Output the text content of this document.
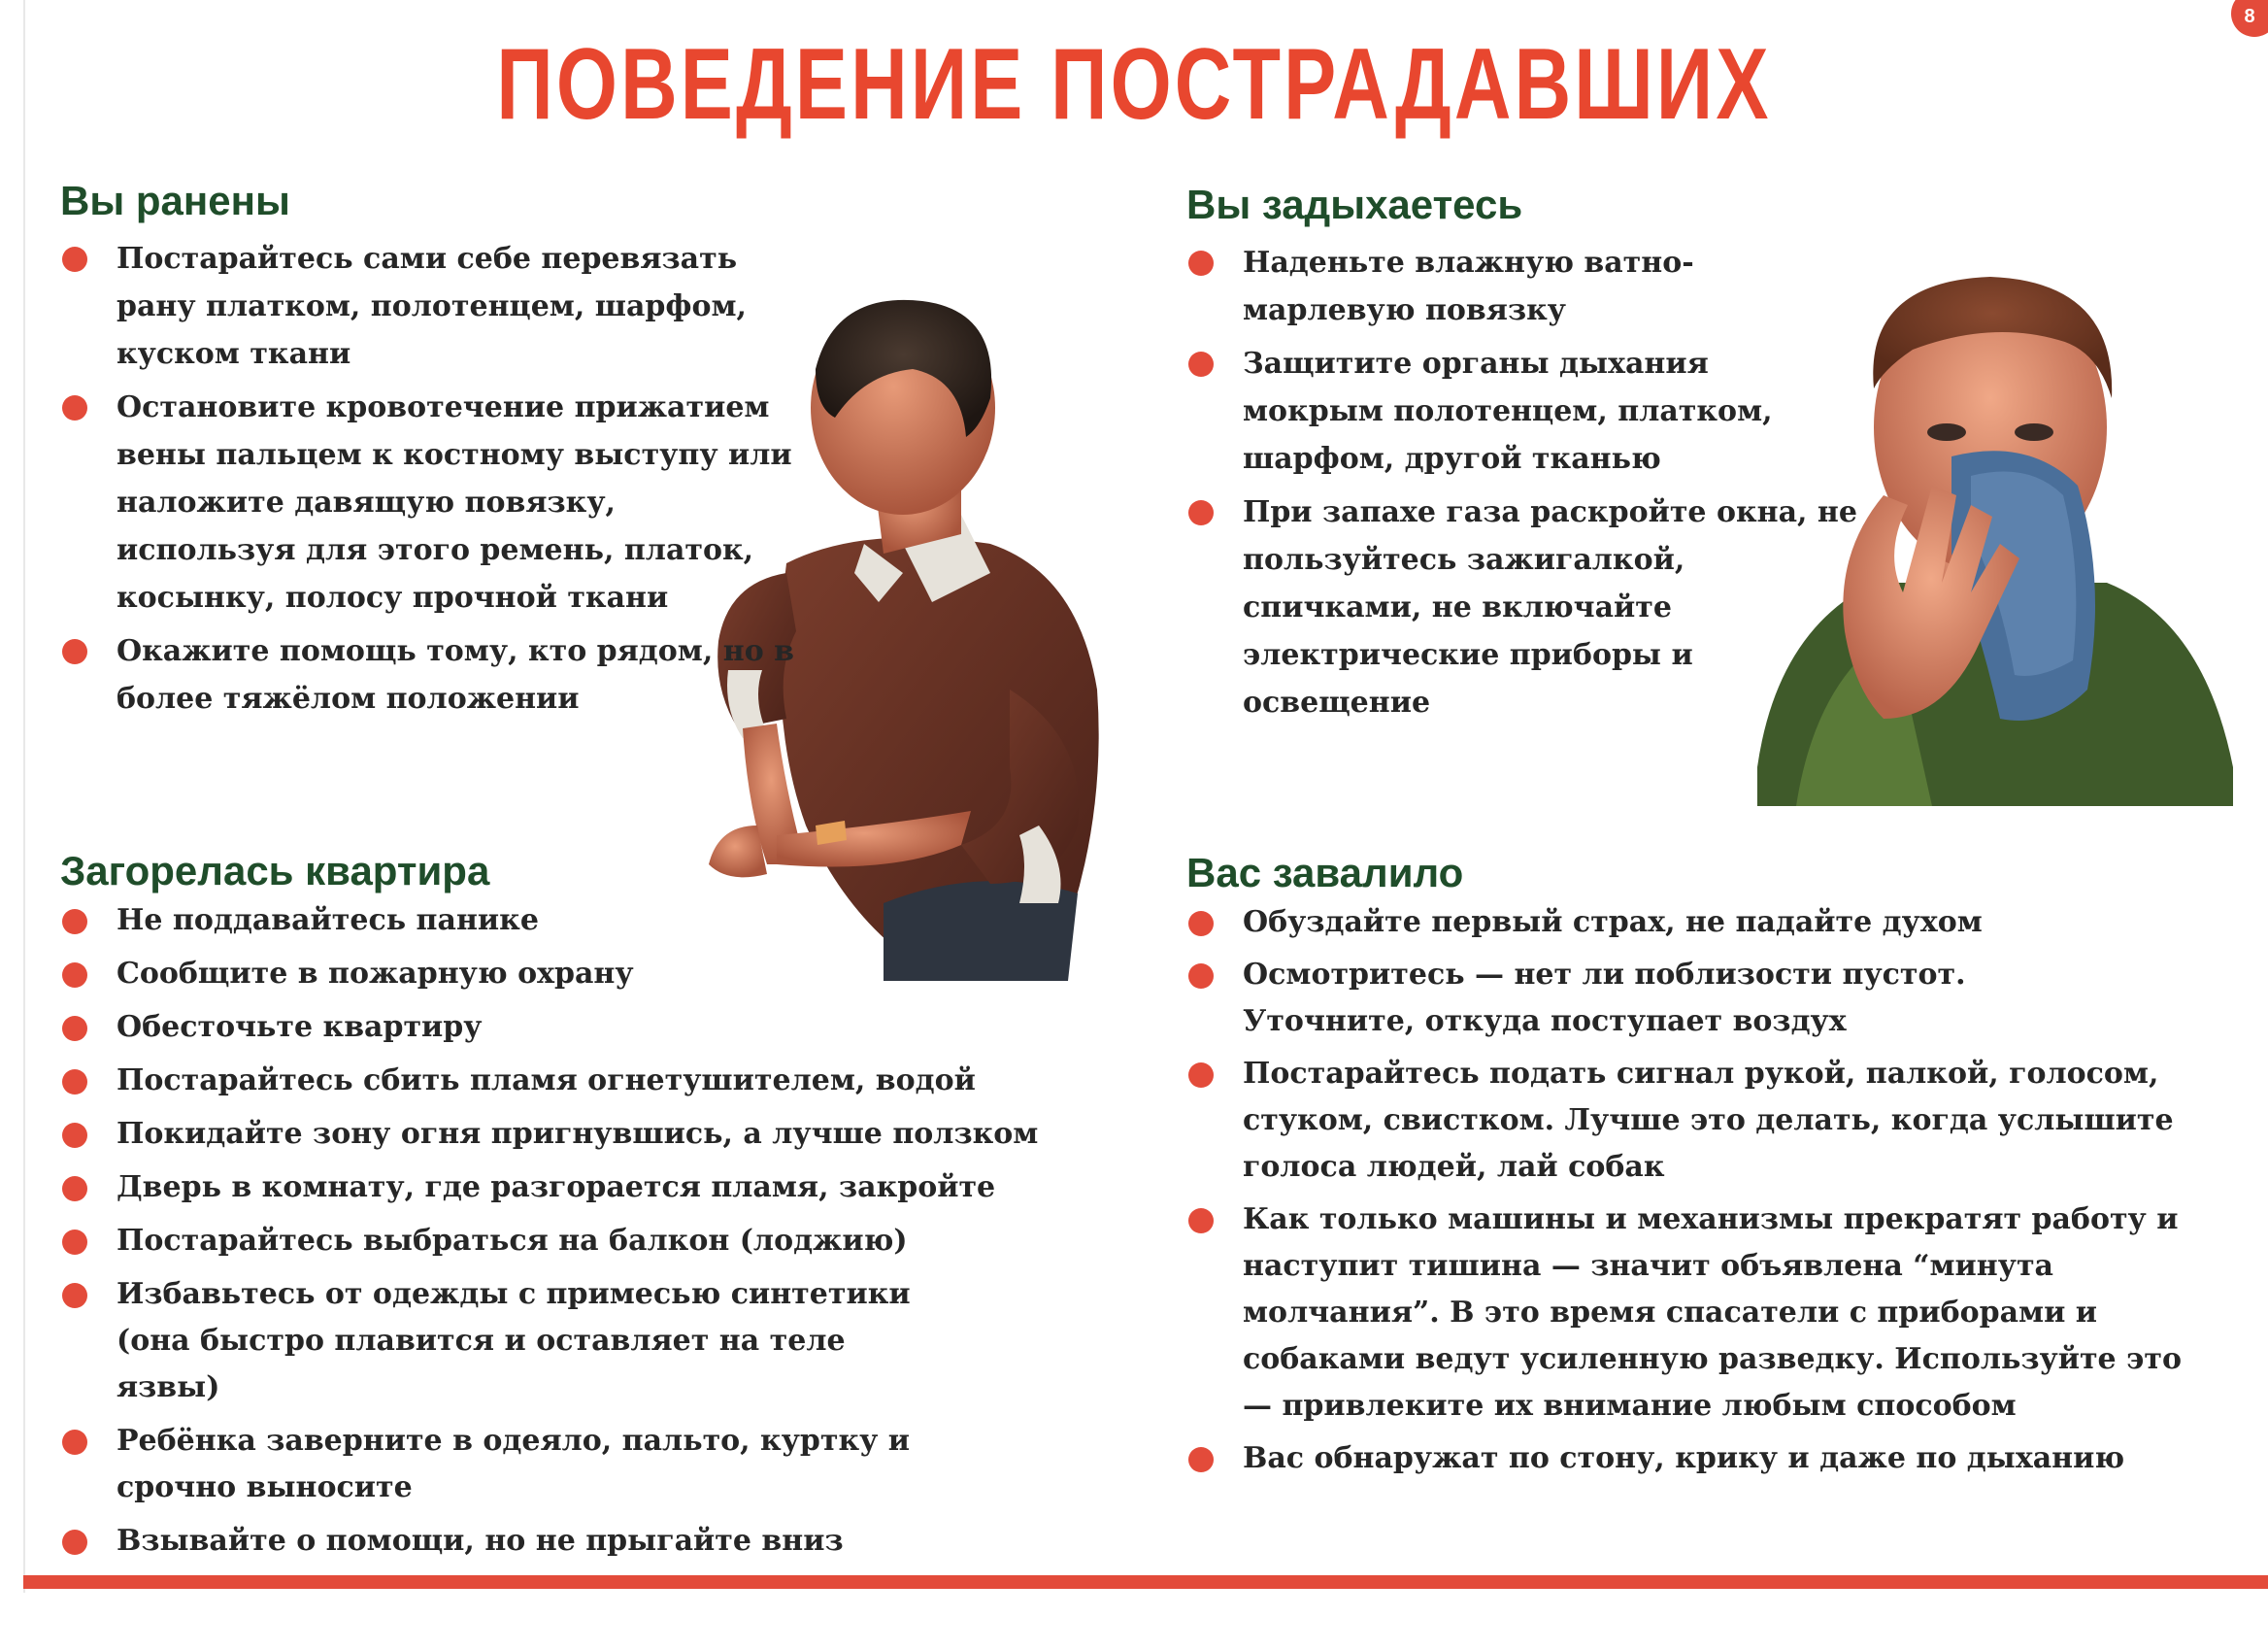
8
ПОВЕДЕНИЕ ПОСТРАДАВШИХ
Вы ранены
Постарайтесь сами себе перевязать рану платком, полотенцем, шарфом, куском ткани
Остановите кровотечение прижатием вены пальцем к костному выступу или наложите давящую повязку, используя для этого ремень, платок, косынку, полосу прочной ткани
Окажите помощь тому, кто рядом, но в более тяжёлом положении
Вы задыхаетесь
Наденьте влажную ватно-марлевую повязку
Защитите органы дыхания мокрым полотенцем, платком, шарфом, другой тканью
При запахе газа раскройте окна, не пользуйтесь зажигалкой, спичками, не включайте электрические приборы и освещение
Загорелась квартира
Не поддавайтесь панике
Сообщите в пожарную охрану
Обесточьте квартиру
Постарайтесь сбить пламя огнетушителем, водой
Покидайте зону огня пригнувшись, а лучше ползком
Дверь в комнату, где разгорается пламя, закройте
Постарайтесь выбраться на балкон (лоджию)
Избавьтесь от одежды с примесью синтетики (она быстро плавится и оставляет на теле язвы)
Ребёнка заверните в одеяло, пальто, куртку и срочно выносите
Взывайте о помощи, но не прыгайте вниз
Вас завалило
Обуздайте первый страх, не падайте духом
Осмотритесь — нет ли поблизости пустот. Уточните, откуда поступает воздух
Постарайтесь подать сигнал рукой, палкой, голосом, стуком, свистком. Лучше это делать, когда услышите голоса людей, лай собак
Как только машины и механизмы прекратят работу и наступит тишина — значит объявлена “минута молчания”. В это время спасатели с приборами и собаками ведут усиленную разведку. Используйте это — привлеките их внимание любым способом
Вас обнаружат по стону, крику и даже по дыханию
